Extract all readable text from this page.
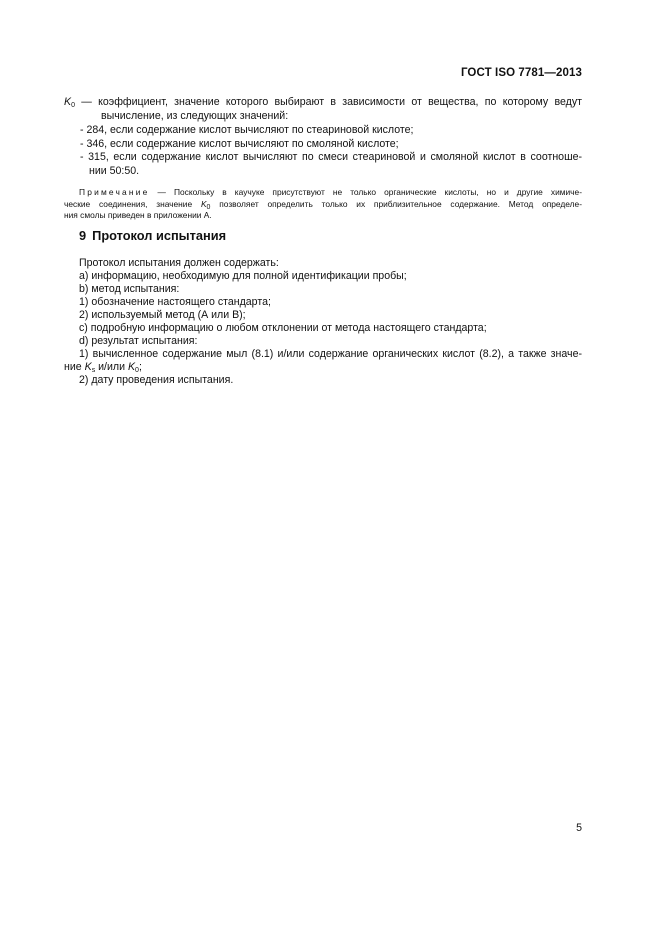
ГОСТ ISO 7781—2013
$K_0$ — коэффициент, значение которого выбирают в зависимости от вещества, по которому ведут
вычисление, из следующих значений:
- 284, если содержание кислот вычисляют по стеариновой кислоте;
- 346, если содержание кислот вычисляют по смоляной кислоте;
- 315, если содержание кислот вычисляют по смеси стеариновой и смоляной кислот в соотноше-
нии 50:50.
Примечание — Поскольку в каучуке присутствуют не только органические кислоты, но и другие химиче-
ческие соединения, значение $K_0$ позволяет определить только их приблизительное содержание. Метод определе-
ния смолы приведен в приложении А.
9 Протокол испытания
Протокол испытания должен содержать:
a) информацию, необходимую для полной идентификации пробы;
b) метод испытания:
1) обозначение настоящего стандарта;
2) используемый метод (А или В);
c) подробную информацию о любом отклонении от метода настоящего стандарта;
d) результат испытания:
1) вычисленное содержание мыл (8.1) и/или содержание органических кислот (8.2), а также значе-
ние $K_s$ и/или $K_0$;
2) дату проведения испытания.
5
